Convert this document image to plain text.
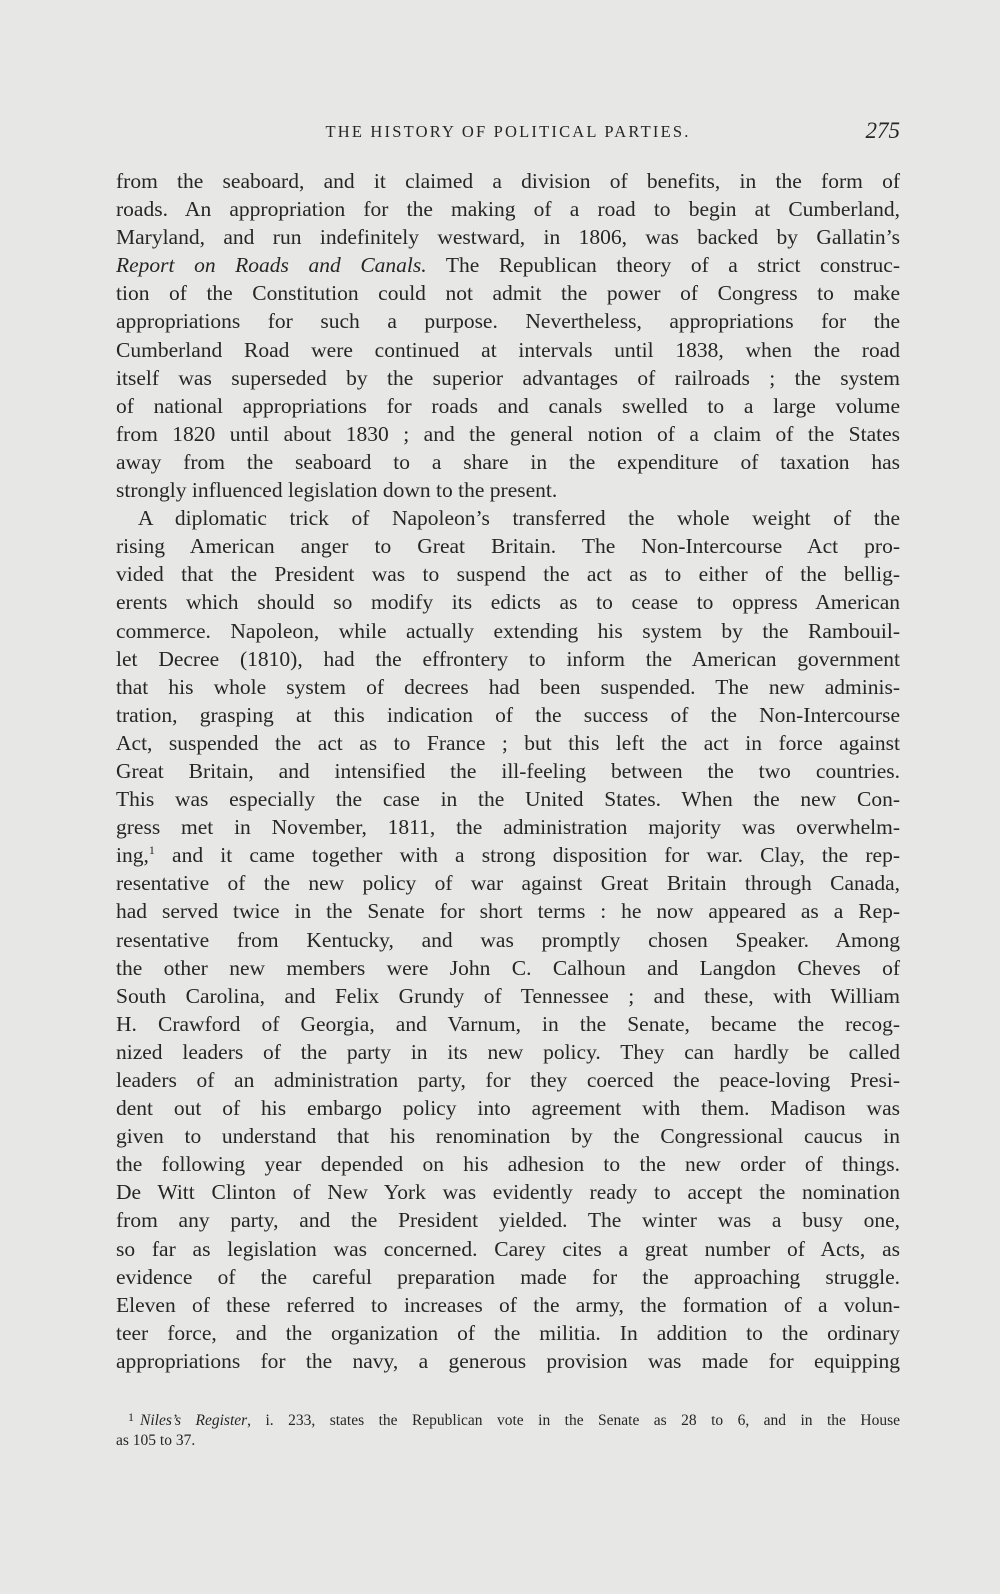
THE HISTORY OF POLITICAL PARTIES.	275
from the seaboard, and it claimed a division of benefits, in the form of
roads. An appropriation for the making of a road to begin at Cumberland,
Maryland, and run indefinitely westward, in 1806, was backed by Gallatin’s
Report on Roads and Canals. The Republican theory of a strict construc-
tion of the Constitution could not admit the power of Congress to make
appropriations for such a purpose. Nevertheless, appropriations for the
Cumberland Road were continued at intervals until 1838, when the road
itself was superseded by the superior advantages of railroads ; the system
of national appropriations for roads and canals swelled to a large volume
from 1820 until about 1830 ; and the general notion of a claim of the States
away from the seaboard to a share in the expenditure of taxation has
strongly influenced legislation down to the present.
A diplomatic trick of Napoleon’s transferred the whole weight of the
rising American anger to Great Britain. The Non-Intercourse Act pro-
vided that the President was to suspend the act as to either of the bellig-
erents which should so modify its edicts as to cease to oppress American
commerce. Napoleon, while actually extending his system by the Rambouil-
let Decree (1810), had the effrontery to inform the American government
that his whole system of decrees had been suspended. The new adminis-
tration, grasping at this indication of the success of the Non-Intercourse
Act, suspended the act as to France ; but this left the act in force against
Great Britain, and intensified the ill-feeling between the two countries.
This was especially the case in the United States. When the new Con-
gress met in November, 1811, the administration majority was overwhelm-
ing,$^1$ and it came together with a strong disposition for war. Clay, the rep-
resentative of the new policy of war against Great Britain through Canada,
had served twice in the Senate for short terms : he now appeared as a Rep-
resentative from Kentucky, and was promptly chosen Speaker. Among
the other new members were John C. Calhoun and Langdon Cheves of
South Carolina, and Felix Grundy of Tennessee ; and these, with William
H. Crawford of Georgia, and Varnum, in the Senate, became the recog-
nized leaders of the party in its new policy. They can hardly be called
leaders of an administration party, for they coerced the peace-loving Presi-
dent out of his embargo policy into agreement with them. Madison was
given to understand that his renomination by the Congressional caucus in
the following year depended on his adhesion to the new order of things.
De Witt Clinton of New York was evidently ready to accept the nomination
from any party, and the President yielded. The winter was a busy one,
so far as legislation was concerned. Carey cites a great number of Acts, as
evidence of the careful preparation made for the approaching struggle.
Eleven of these referred to increases of the army, the formation of a volun-
teer force, and the organization of the militia. In addition to the ordinary
appropriations for the navy, a generous provision was made for equipping
$^1$ Niles’s Register, i. 233, states the Republican vote in the Senate as 28 to 6, and in the House
as 105 to 37.
